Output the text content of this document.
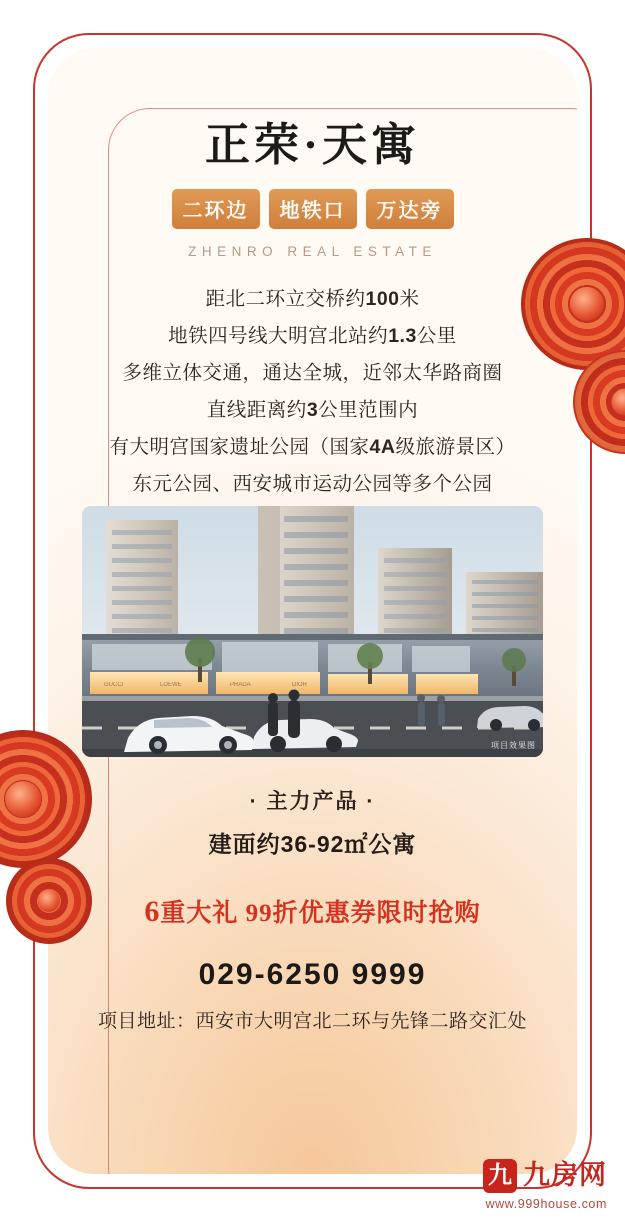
正荣·天寓
二环边	地铁口	万达旁
ZHENRO REAL ESTATE
距北二环立交桥约100米
地铁四号线大明宫北站约1.3公里
多维立体交通，通达全城，近邻太华路商圈
直线距离约3公里范围内
有大明宫国家遗址公园（国家4A级旅游景区）
东元公园、西安城市运动公园等多个公园
GUCCI	LOEWE	PRADA	DIOR
项目效果图
· 主力产品 ·
建面约36-92㎡公寓
6重大礼 99折优惠券限时抢购
029-6250 9999
项目地址：西安市大明宫北二环与先锋二路交汇处
九 九房网
www.999house.com
